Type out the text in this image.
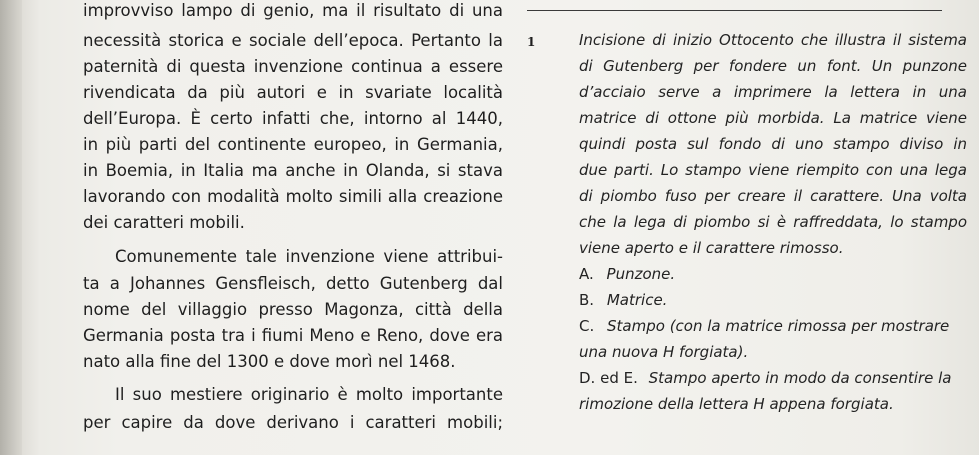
improvviso lampo di genio, ma il risultato di una
necessità storica e sociale dell’epoca. Pertanto la
paternità di questa invenzione continua a essere
rivendicata da più autori e in svariate località
dell’Europa. È certo infatti che, intorno al 1440,
in più parti del continente europeo, in Germania,
in Boemia, in Italia ma anche in Olanda, si stava
lavorando con modalità molto simili alla creazione
dei caratteri mobili.
Comunemente tale invenzione viene attribui-
ta a Johannes Gensfleisch, detto Gutenberg dal
nome del villaggio presso Magonza, città della
Germania posta tra i fiumi Meno e Reno, dove era
nato alla fine del 1300 e dove morì nel 1468.
Il suo mestiere originario è molto importante
per capire da dove derivano i caratteri mobili;
1	Incisione di inizio Ottocento che illustra il sistema
di Gutenberg per fondere un font. Un punzone
d’acciaio serve a imprimere la lettera in una
matrice di ottone più morbida. La matrice viene
quindi posta sul fondo di uno stampo diviso in
due parti. Lo stampo viene riempito con una lega
di piombo fuso per creare il carattere. Una volta
che la lega di piombo si è raffreddata, lo stampo
viene aperto e il carattere rimosso.
A. Punzone.
B. Matrice.
C. Stampo (con la matrice rimossa per mostrare
una nuova H forgiata).
D. ed E. Stampo aperto in modo da consentire la
rimozione della lettera H appena forgiata.
